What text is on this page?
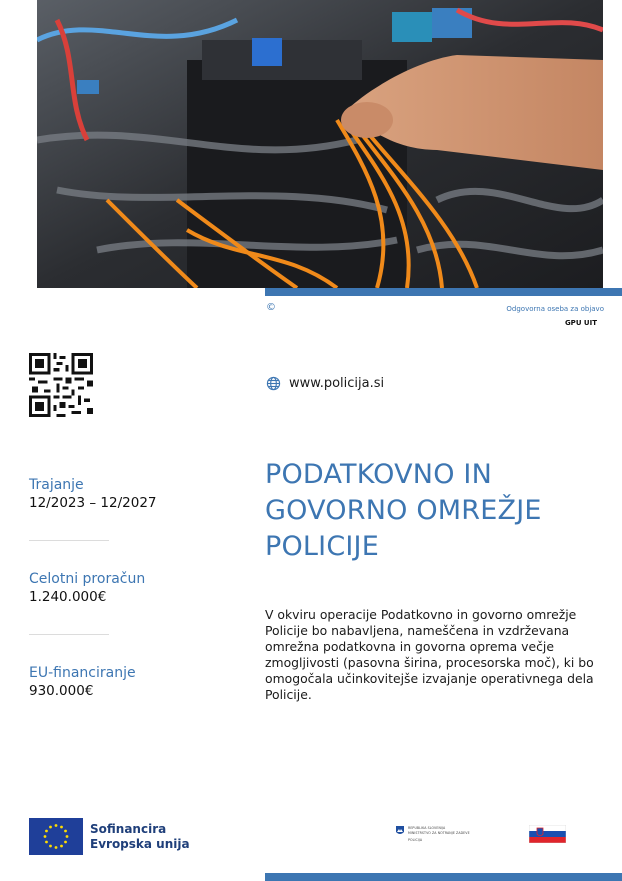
©	Odgovorna oseba za objavo
GPU UIT
www.policija.si
Trajanje
12/2023 – 12/2027
Celotni proračun
1.240.000€
EU-financiranje
930.000€
PODATKOVNO IN
GOVORNO OMREŽJE
POLICIJE
V okviru operacije Podatkovno in govorno omrežje
Policije bo nabavljena, nameščena in vzdrževana
omrežna podatkovna in govorna oprema večje
zmogljivosti (pasovna širina, procesorska moč), ki bo
omogočala učinkovitejše izvajanje operativnega dela
Policije.
Sofinancira
Evropska unija
REPUBLIKA SLOVENIJA
MINISTRSTVO ZA NOTRANJE ZADEVE
POLICIJA
